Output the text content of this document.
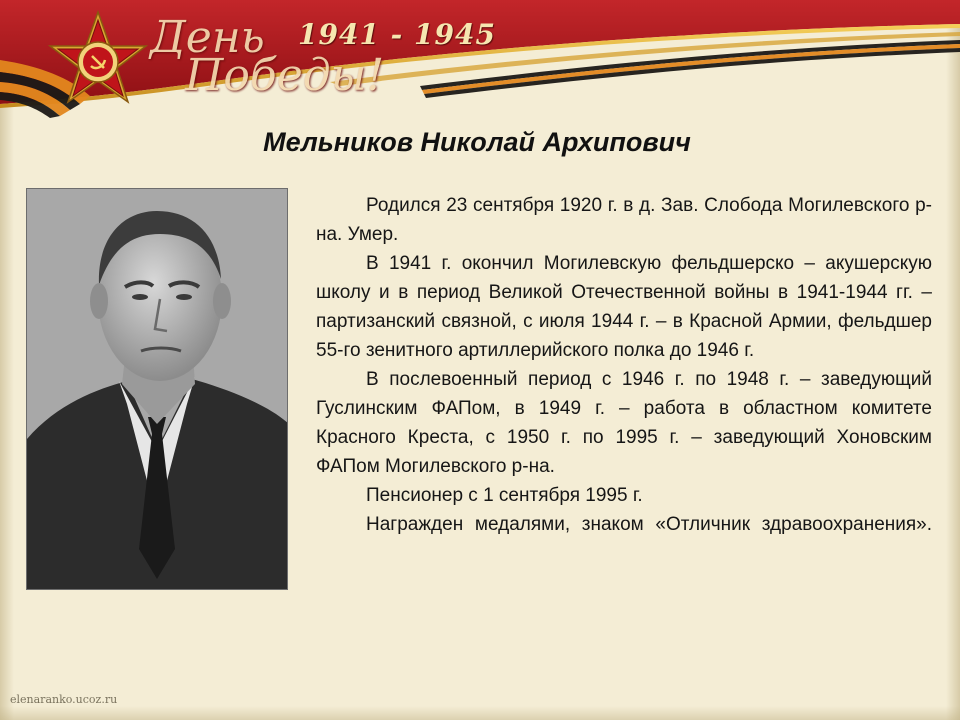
День
Победы!
1941 - 1945
Мельников Николай Архипович

Родился 23 сентября 1920 г. в д. Зав. Слобода Могилевского р-на. Умер.

В 1941 г. окончил Могилевскую фельдшерско – акушерскую школу и в период Великой Отечественной войны в 1941-1944 гг. – партизанский связной, с июля 1944 г. – в Красной Армии, фельдшер 55-го зенитного артиллерийского полка до 1946 г.

В послевоенный период с 1946 г. по 1948 г. – заведующий Гуслинским ФАПом, в 1949 г. – работа в областном комитете Красного Креста, с 1950 г. по 1995 г. – заведующий Хоновским ФАПом Могилевского р-на.

Пенсионер с 1 сентября 1995 г.

Награжден медалями, знаком «Отличник здравоохранения».

elenaranko.ucoz.ru
